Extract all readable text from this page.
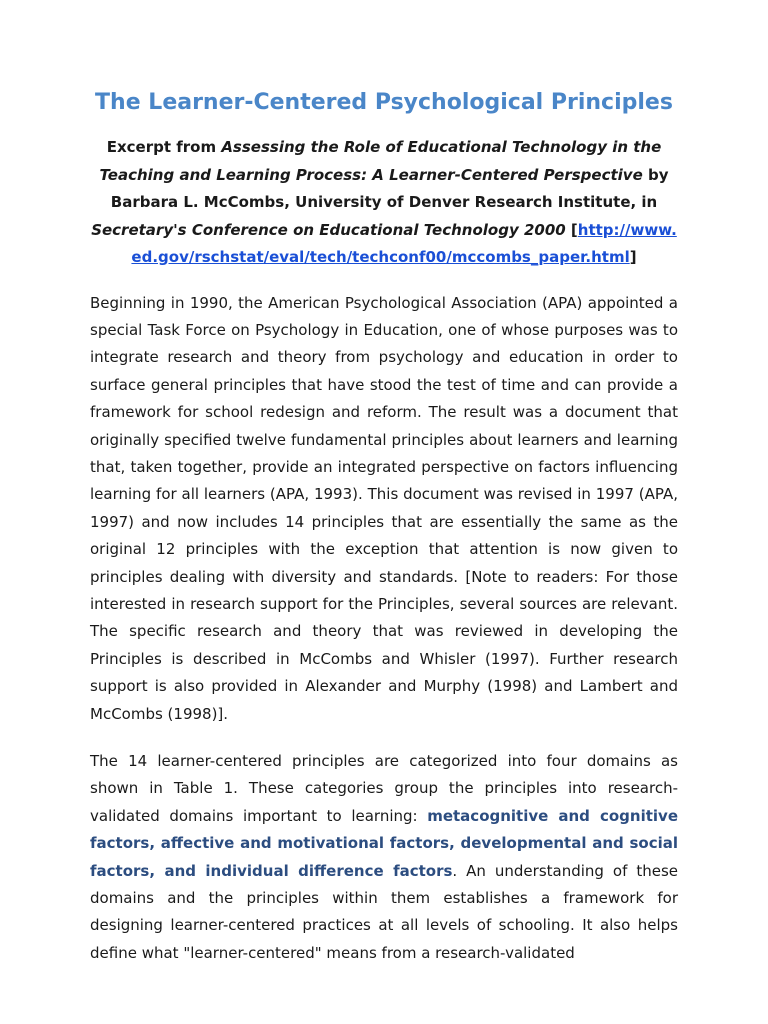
The Learner-Centered Psychological Principles

Excerpt from Assessing the Role of Educational Technology in the Teaching and Learning Process: A Learner-Centered Perspective by Barbara L. McCombs, University of Denver Research Institute, in Secretary's Conference on Educational Technology 2000 [http://www.ed.gov/rschstat/eval/tech/techconf00/mccombs_paper.html]

Beginning in 1990, the American Psychological Association (APA) appointed a special Task Force on Psychology in Education, one of whose purposes was to integrate research and theory from psychology and education in order to surface general principles that have stood the test of time and can provide a framework for school redesign and reform. The result was a document that originally specified twelve fundamental principles about learners and learning that, taken together, provide an integrated perspective on factors influencing learning for all learners (APA, 1993). This document was revised in 1997 (APA, 1997) and now includes 14 principles that are essentially the same as the original 12 principles with the exception that attention is now given to principles dealing with diversity and standards. [Note to readers: For those interested in research support for the Principles, several sources are relevant. The specific research and theory that was reviewed in developing the Principles is described in McCombs and Whisler (1997). Further research support is also provided in Alexander and Murphy (1998) and Lambert and McCombs (1998)].

The 14 learner-centered principles are categorized into four domains as shown in Table 1. These categories group the principles into research-validated domains important to learning: metacognitive and cognitive factors, affective and motivational factors, developmental and social factors, and individual difference factors. An understanding of these domains and the principles within them establishes a framework for designing learner-centered practices at all levels of schooling. It also helps define what "learner-centered" means from a research-validated
